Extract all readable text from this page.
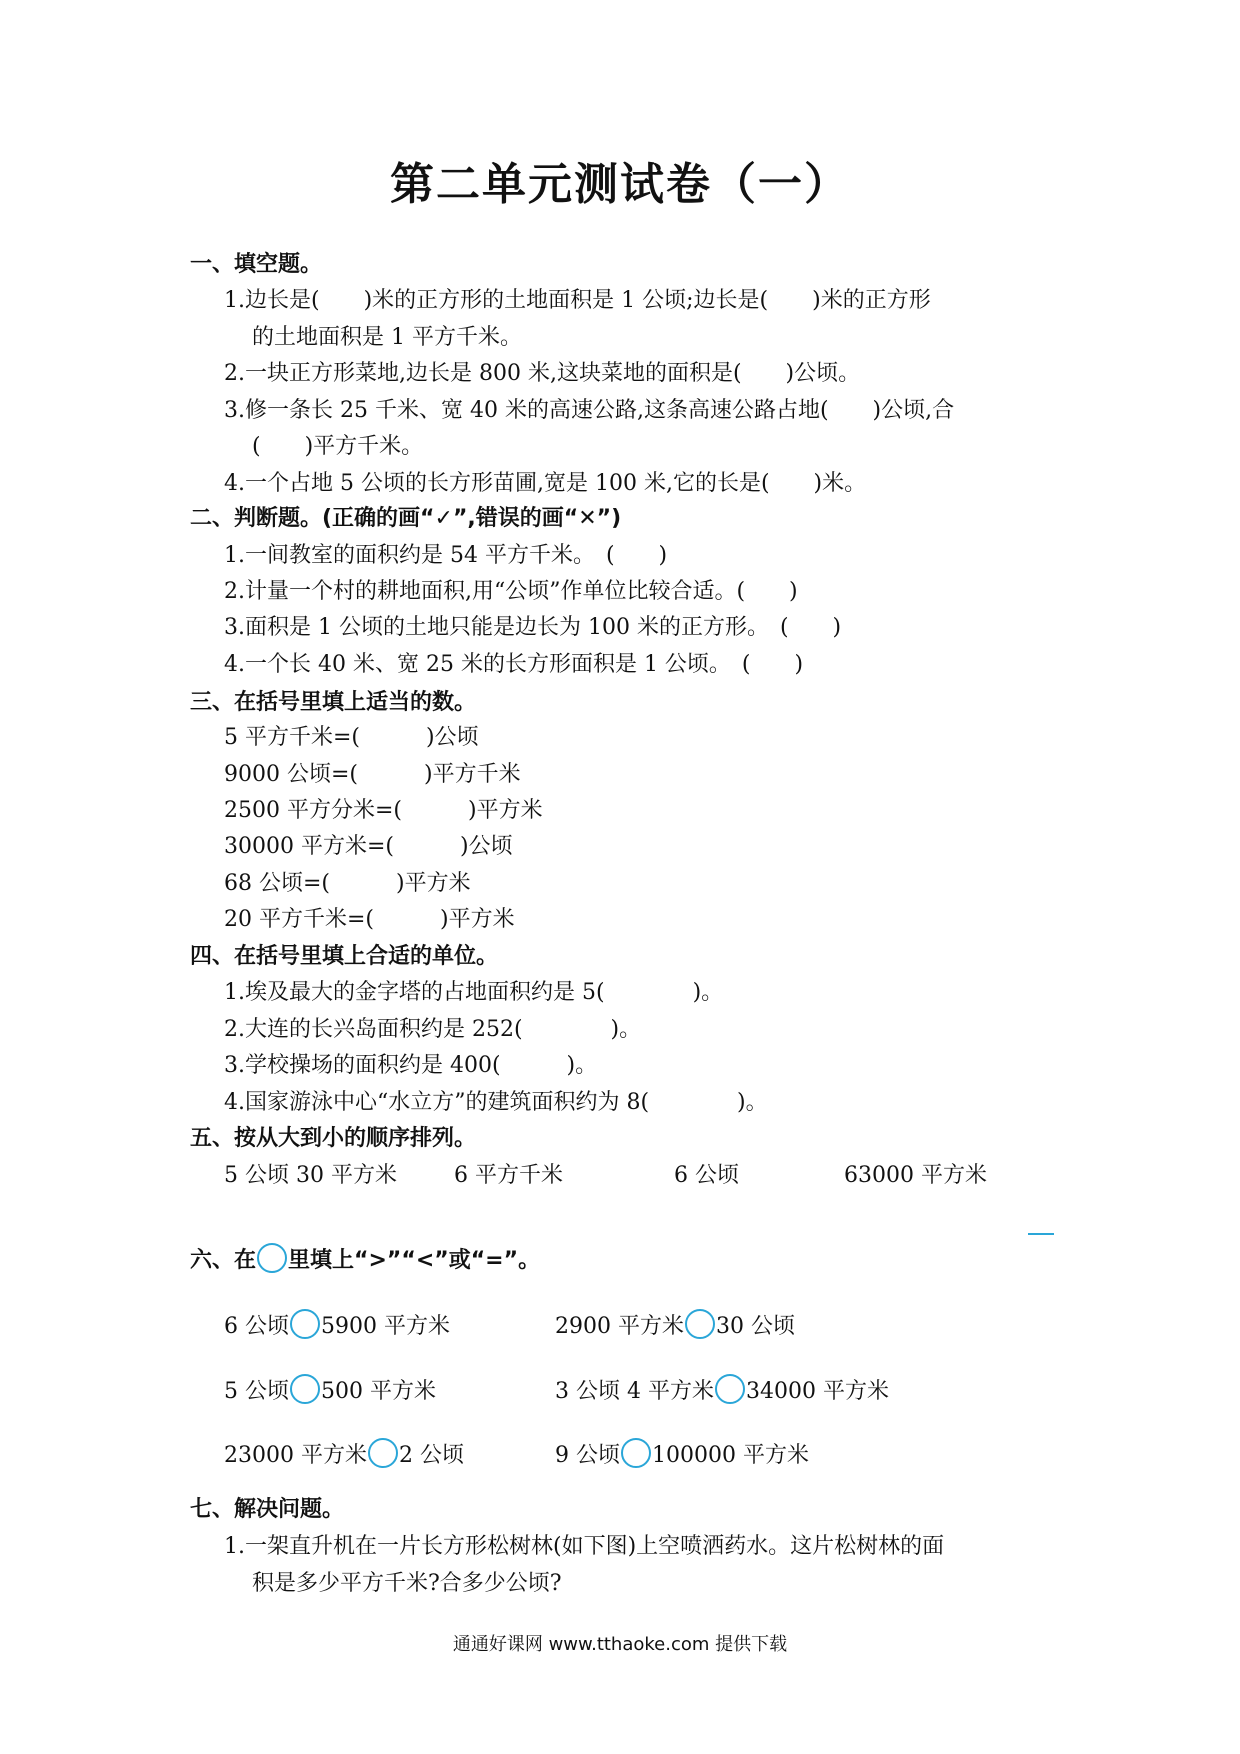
第二单元测试卷（一）
一、填空题。
1.边长是(　　)米的正方形的土地面积是 1 公顷;边长是(　　)米的正方形
的土地面积是 1 平方千米。
2.一块正方形菜地,边长是 800 米,这块菜地的面积是(　　)公顷。
3.修一条长 25 千米、宽 40 米的高速公路,这条高速公路占地(　　)公顷,合
(　　)平方千米。
4.一个占地 5 公顷的长方形苗圃,宽是 100 米,它的长是(　　)米。
二、判断题。(正确的画“✓”,错误的画“✕”)
1.一间教室的面积约是 54 平方千米。　(　　)
2.计量一个村的耕地面积,用“公顷”作单位比较合适。(　　)
3.面积是 1 公顷的土地只能是边长为 100 米的正方形。　(　　)
4.一个长 40 米、宽 25 米的长方形面积是 1 公顷。　(　　)
三、在括号里填上适当的数。
5 平方千米=(　　　)公顷
9000 公顷=(　　　)平方千米
2500 平方分米=(　　　)平方米
30000 平方米=(　　　)公顷
68 公顷=(　　　)平方米
20 平方千米=(　　　)平方米
四、在括号里填上合适的单位。
1.埃及最大的金字塔的占地面积约是 5(　　　　)。
2.大连的长兴岛面积约是 252(　　　　)。
3.学校操场的面积约是 400(　　　)。
4.国家游泳中心“水立方”的建筑面积约为 8(　　　　)。
五、按从大到小的顺序排列。
5 公顷 30 平方米	6 平方千米	6 公顷	63000 平方米
六、在 里填上“>”“<”或“=”。
6 公顷 5900 平方米	2900 平方米 30 公顷
5 公顷 500 平方米	3 公顷 4 平方米 34000 平方米
23000 平方米 2 公顷	9 公顷 100000 平方米
七、解决问题。
1.一架直升机在一片长方形松树林(如下图)上空喷洒药水。这片松树林的面
积是多少平方千米?合多少公顷?
通通好课网 www.tthaoke.com 提供下载
